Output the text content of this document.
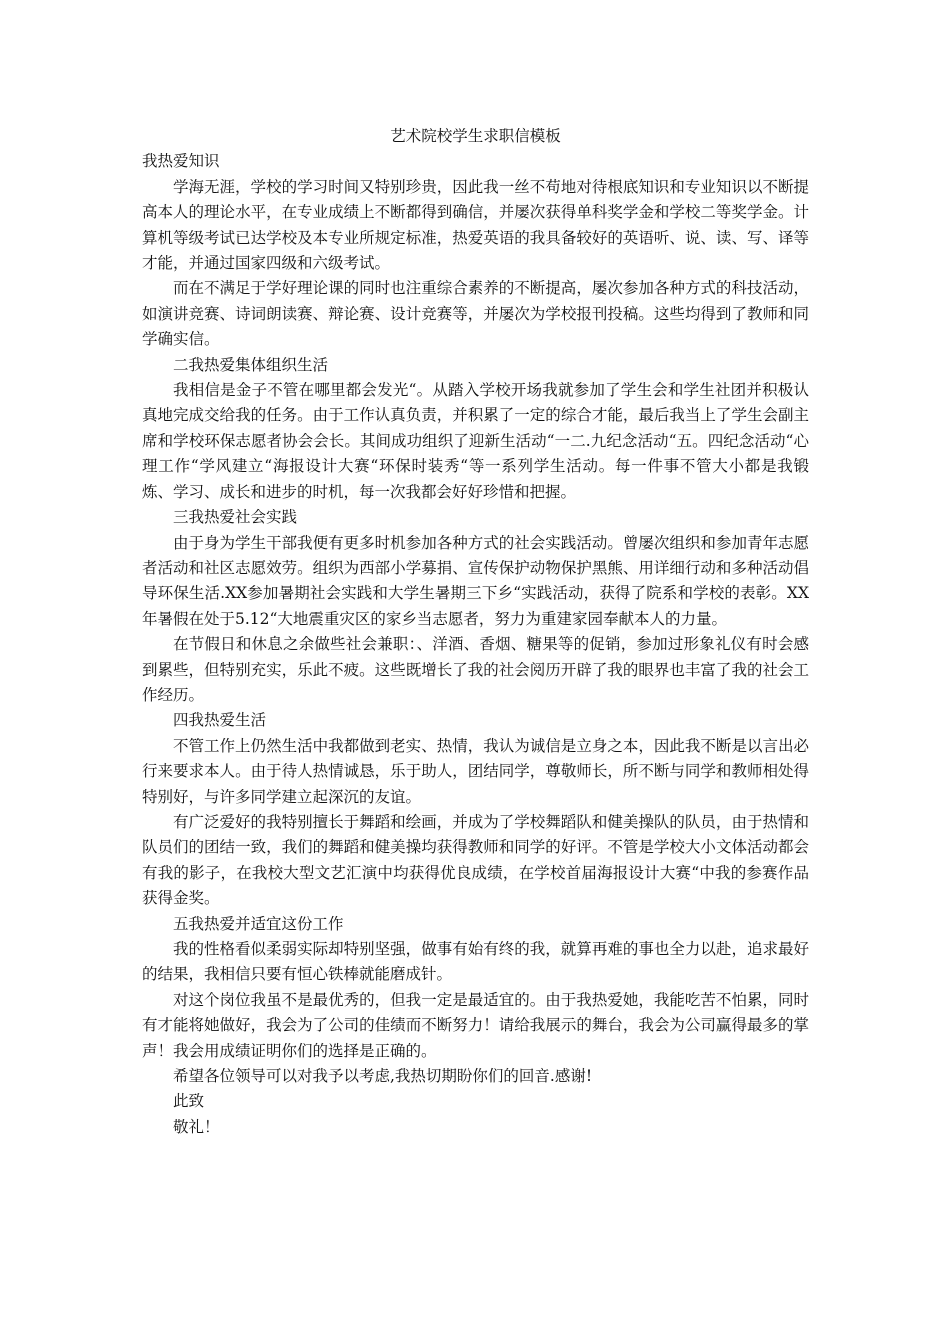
艺术院校学生求职信模板

我热爱知识

学海无涯，学校的学习时间又特别珍贵，因此我一丝不苟地对待根底知识和专业知识以不断提高本人的理论水平，在专业成绩上不断都得到确信，并屡次获得单科奖学金和学校二等奖学金。计算机等级考试已达学校及本专业所规定标准，热爱英语的我具备较好的英语听、说、读、写、译等才能，并通过国家四级和六级考试。

而在不满足于学好理论课的同时也注重综合素养的不断提高，屡次参加各种方式的科技活动，如演讲竞赛、诗词朗读赛、辩论赛、设计竞赛等，并屡次为学校报刊投稿。这些均得到了教师和同学确实信。

二我热爱集体组织生活

我相信是金子不管在哪里都会发光“。从踏入学校开场我就参加了学生会和学生社团并积极认真地完成交给我的任务。由于工作认真负责，并积累了一定的综合才能，最后我当上了学生会副主席和学校环保志愿者协会会长。其间成功组织了迎新生活动“一二.九纪念活动“五。四纪念活动“心理工作“学风建立“海报设计大赛“环保时装秀“等一系列学生活动。每一件事不管大小都是我锻炼、学习、成长和进步的时机，每一次我都会好好珍惜和把握。

三我热爱社会实践

由于身为学生干部我便有更多时机参加各种方式的社会实践活动。曾屡次组织和参加青年志愿者活动和社区志愿效劳。组织为西部小学募捐、宣传保护动物保护黑熊、用详细行动和多种活动倡导环保生活.XX参加暑期社会实践和大学生暑期三下乡“实践活动，获得了院系和学校的表彰。XX年暑假在处于5.12“大地震重灾区的家乡当志愿者，努力为重建家园奉献本人的力量。

在节假日和休息之余做些社会兼职：、洋酒、香烟、糖果等的促销，参加过形象礼仪有时会感到累些，但特别充实，乐此不疲。这些既增长了我的社会阅历开辟了我的眼界也丰富了我的社会工作经历。

四我热爱生活

不管工作上仍然生活中我都做到老实、热情，我认为诚信是立身之本，因此我不断是以言出必行来要求本人。由于待人热情诚恳，乐于助人，团结同学，尊敬师长，所不断与同学和教师相处得特别好，与许多同学建立起深沉的友谊。

有广泛爱好的我特别擅长于舞蹈和绘画，并成为了学校舞蹈队和健美操队的队员，由于热情和队员们的团结一致，我们的舞蹈和健美操均获得教师和同学的好评。不管是学校大小文体活动都会有我的影子，在我校大型文艺汇演中均获得优良成绩，在学校首届海报设计大赛“中我的参赛作品获得金奖。

五我热爱并适宜这份工作

我的性格看似柔弱实际却特别坚强，做事有始有终的我，就算再难的事也全力以赴，追求最好的结果，我相信只要有恒心铁棒就能磨成针。

对这个岗位我虽不是最优秀的，但我一定是最适宜的。由于我热爱她，我能吃苦不怕累，同时有才能将她做好，我会为了公司的佳绩而不断努力！请给我展示的舞台，我会为公司赢得最多的掌声！我会用成绩证明你们的选择是正确的。

希望各位领导可以对我予以考虑,我热切期盼你们的回音.感谢!

此致

敬礼！
